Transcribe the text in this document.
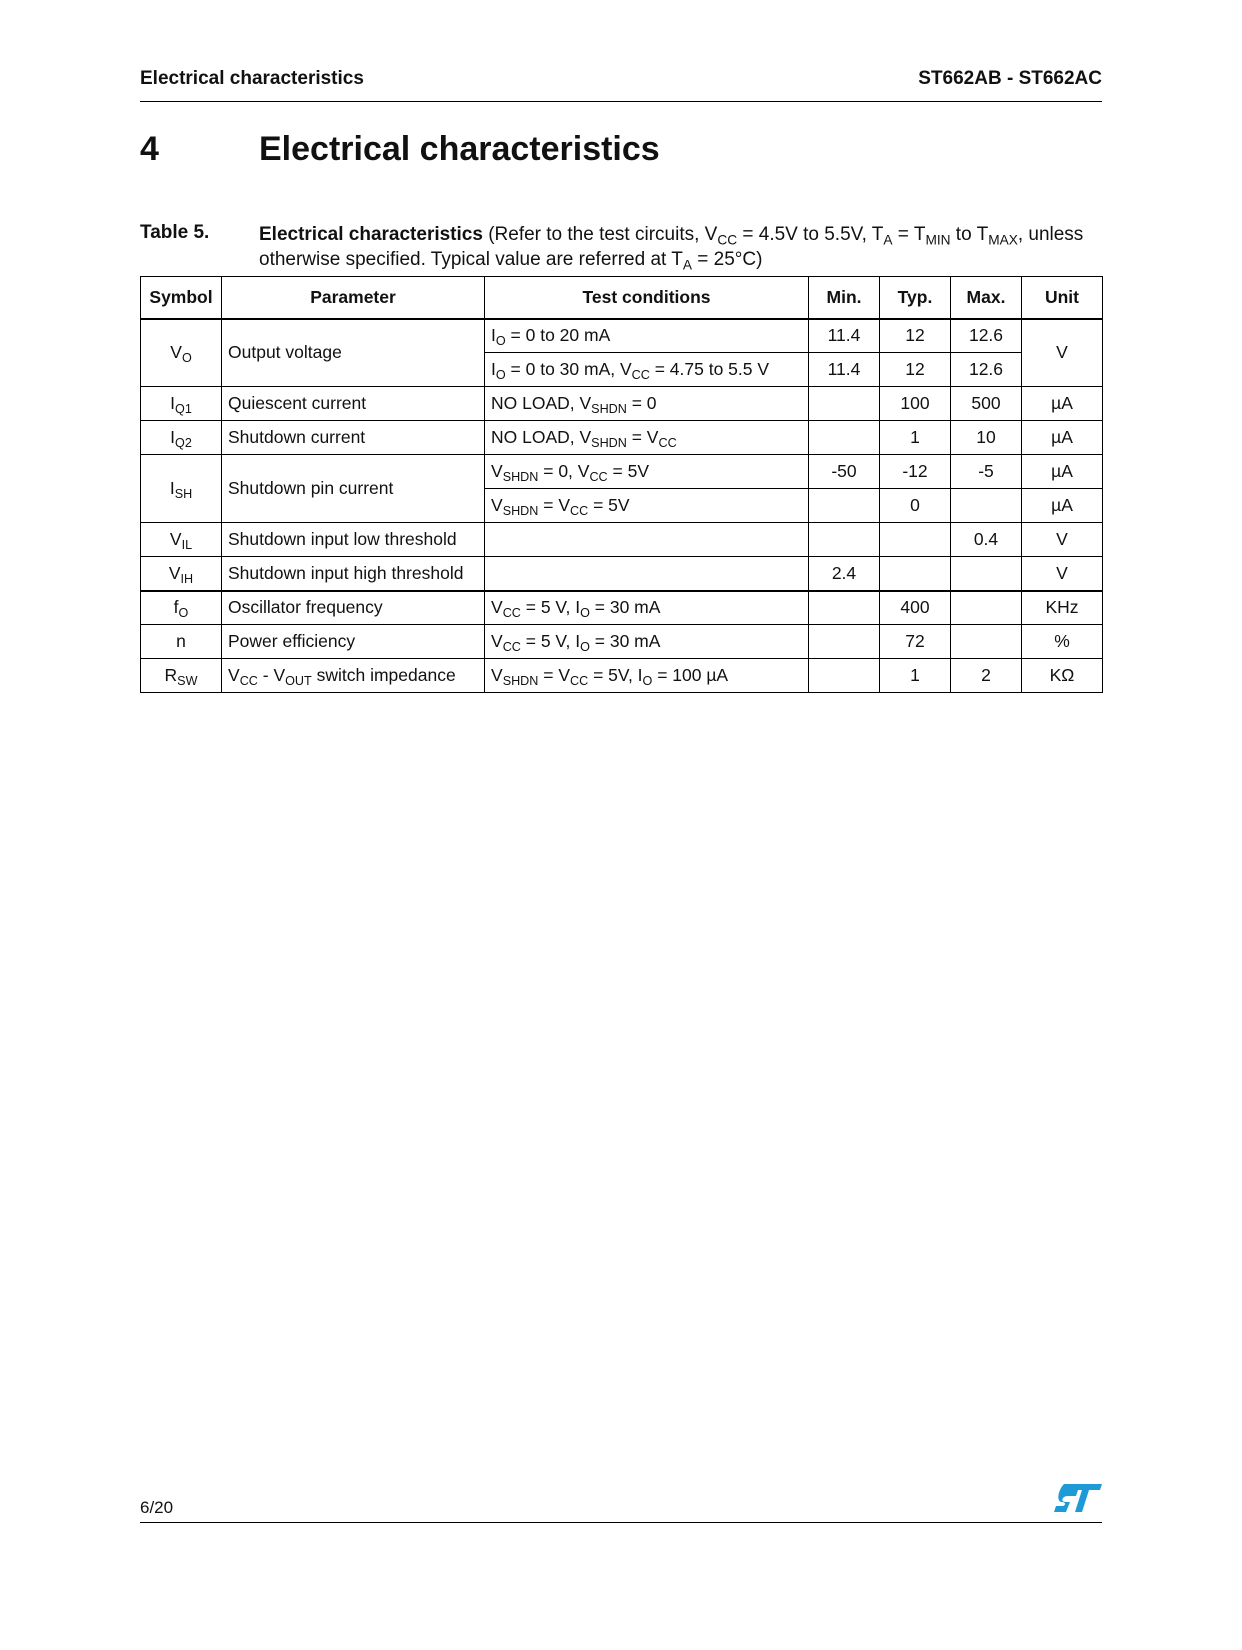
Electrical characteristics	ST662AB - ST662AC
4	Electrical characteristics
Table 5.	Electrical characteristics (Refer to the test circuits, $V_{CC} = 4.5V$ to 5.5V, $T_A = T_{MIN}$ to $T_{MAX}$, unless otherwise specified. Typical value are referred at $T_A = 25^\circ C$)
Symbol	Parameter	Test conditions	Min.	Typ.	Max.	Unit
$V_O$	Output voltage	$I_O = 0$ to 20 mA	11.4	12	12.6	V
		$I_O = 0$ to 30 mA, $V_{CC} = 4.75$ to 5.5 V	11.4	12	12.6	
$I_{Q1}$	Quiescent current	NO LOAD, $V_{SHDN} = 0$		100	500	µA
$I_{Q2}$	Shutdown current	NO LOAD, $V_{SHDN} = V_{CC}$		1	10	µA
$I_{SH}$	Shutdown pin current	$V_{SHDN} = 0$, $V_{CC} = 5V$	-50	-12	-5	µA
		$V_{SHDN} = V_{CC} = 5V$		0		µA
$V_{IL}$	Shutdown input low threshold				0.4	V
$V_{IH}$	Shutdown input high threshold		2.4			V
$f_O$	Oscillator frequency	$V_{CC} = 5$ V, $I_O = 30$ mA		400		KHz
n	Power efficiency	$V_{CC} = 5$ V, $I_O = 30$ mA		72		%
$R_{SW}$	$V_{CC} - V_{OUT}$ switch impedance	$V_{SHDN} = V_{CC} = 5V$, $I_O = 100$ µA		1	2	KΩ
6/20
